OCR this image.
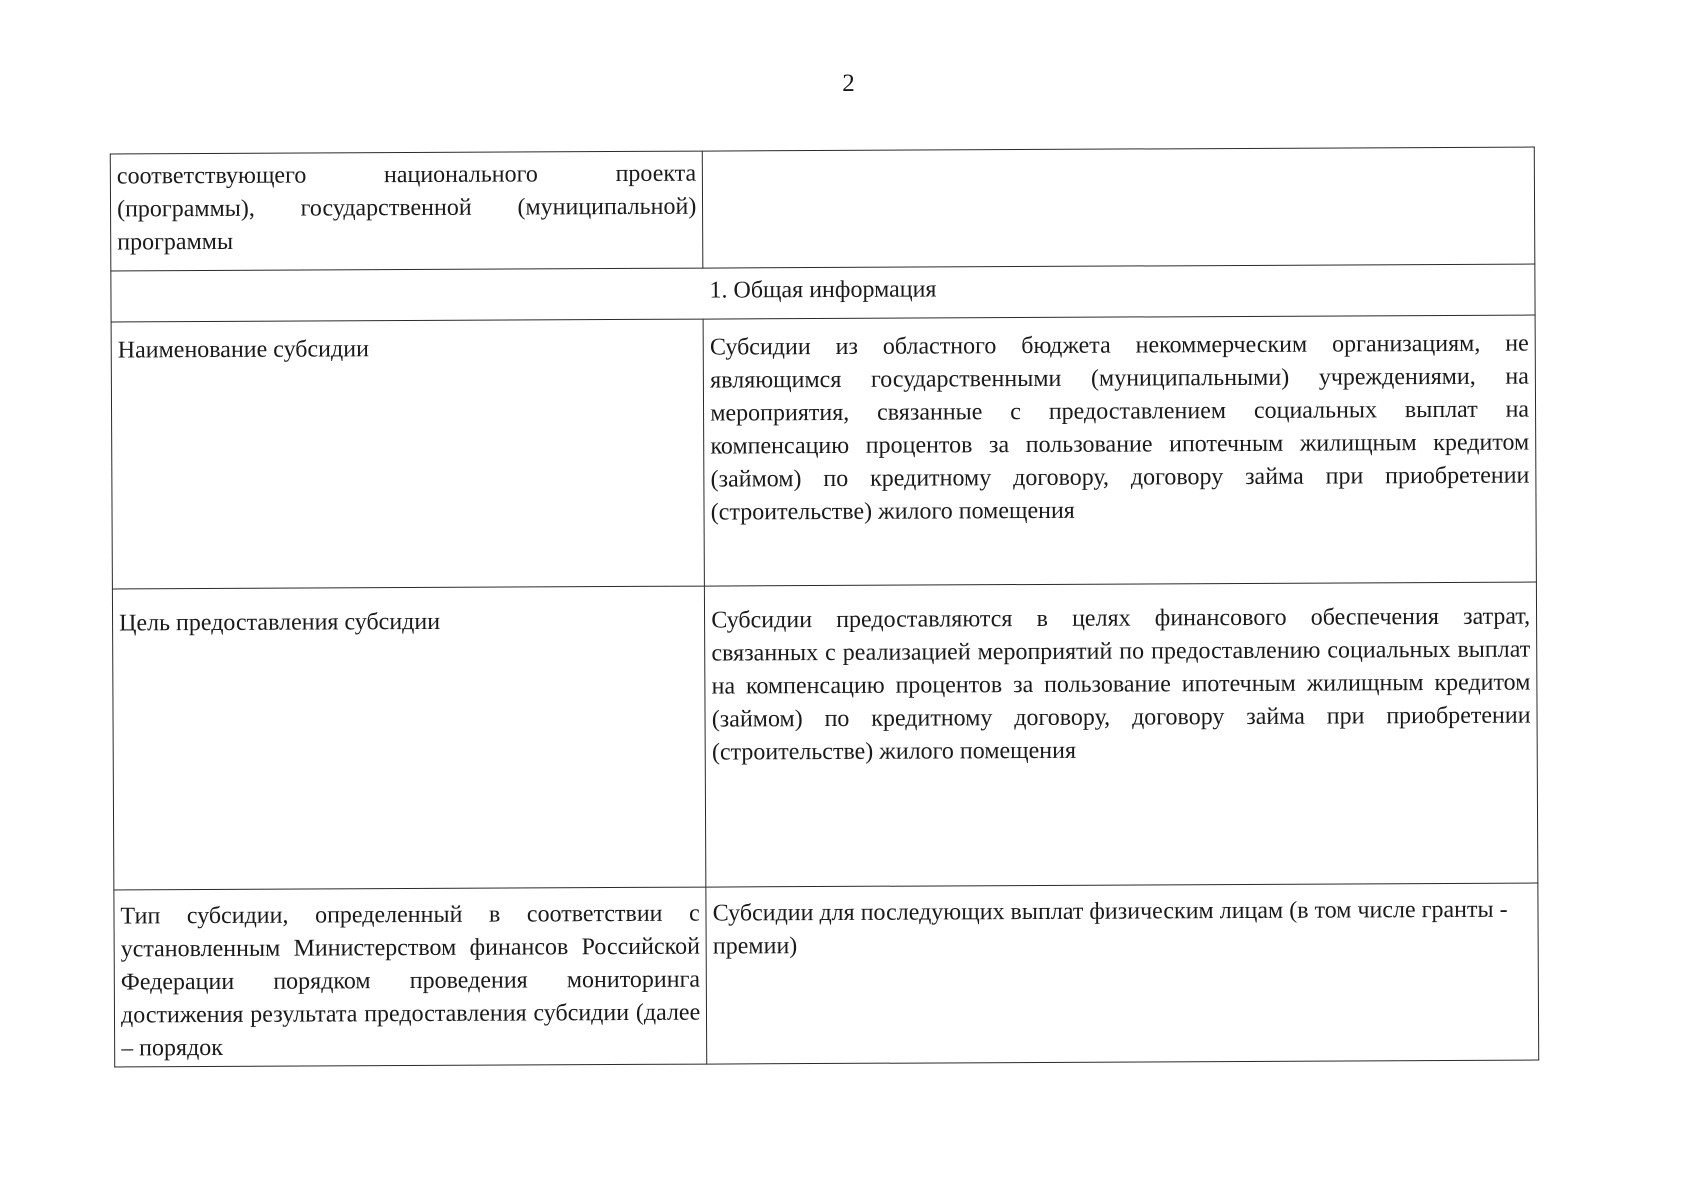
2
соответствующего национального проекта (программы), государственной (муниципальной) программы	
1. Общая информация	
Наименование субсидии	Субсидии из областного бюджета некоммерческим организациям, не являющимся государственными (муниципальными) учреждениями, на мероприятия, связанные с предоставлением социальных выплат на компенсацию процентов за пользование ипотечным жилищным кредитом (займом) по кредитному договору, договору займа при приобретении (строительстве) жилого помещения
Цель предоставления субсидии	Субсидии предоставляются в целях финансового обеспечения затрат, связанных с реализацией мероприятий по предоставлению социальных выплат на компенсацию процентов за пользование ипотечным жилищным кредитом (займом) по кредитному договору, договору займа при приобретении (строительстве) жилого помещения

Тип субсидии, определенный в соответствии с установленным Министерством финансов Российской Федерации порядком проведения мониторинга достижения результата предоставления субсидии (далее – порядок	Субсидии для последующих выплат физическим лицам (в том числе гранты - премии)
